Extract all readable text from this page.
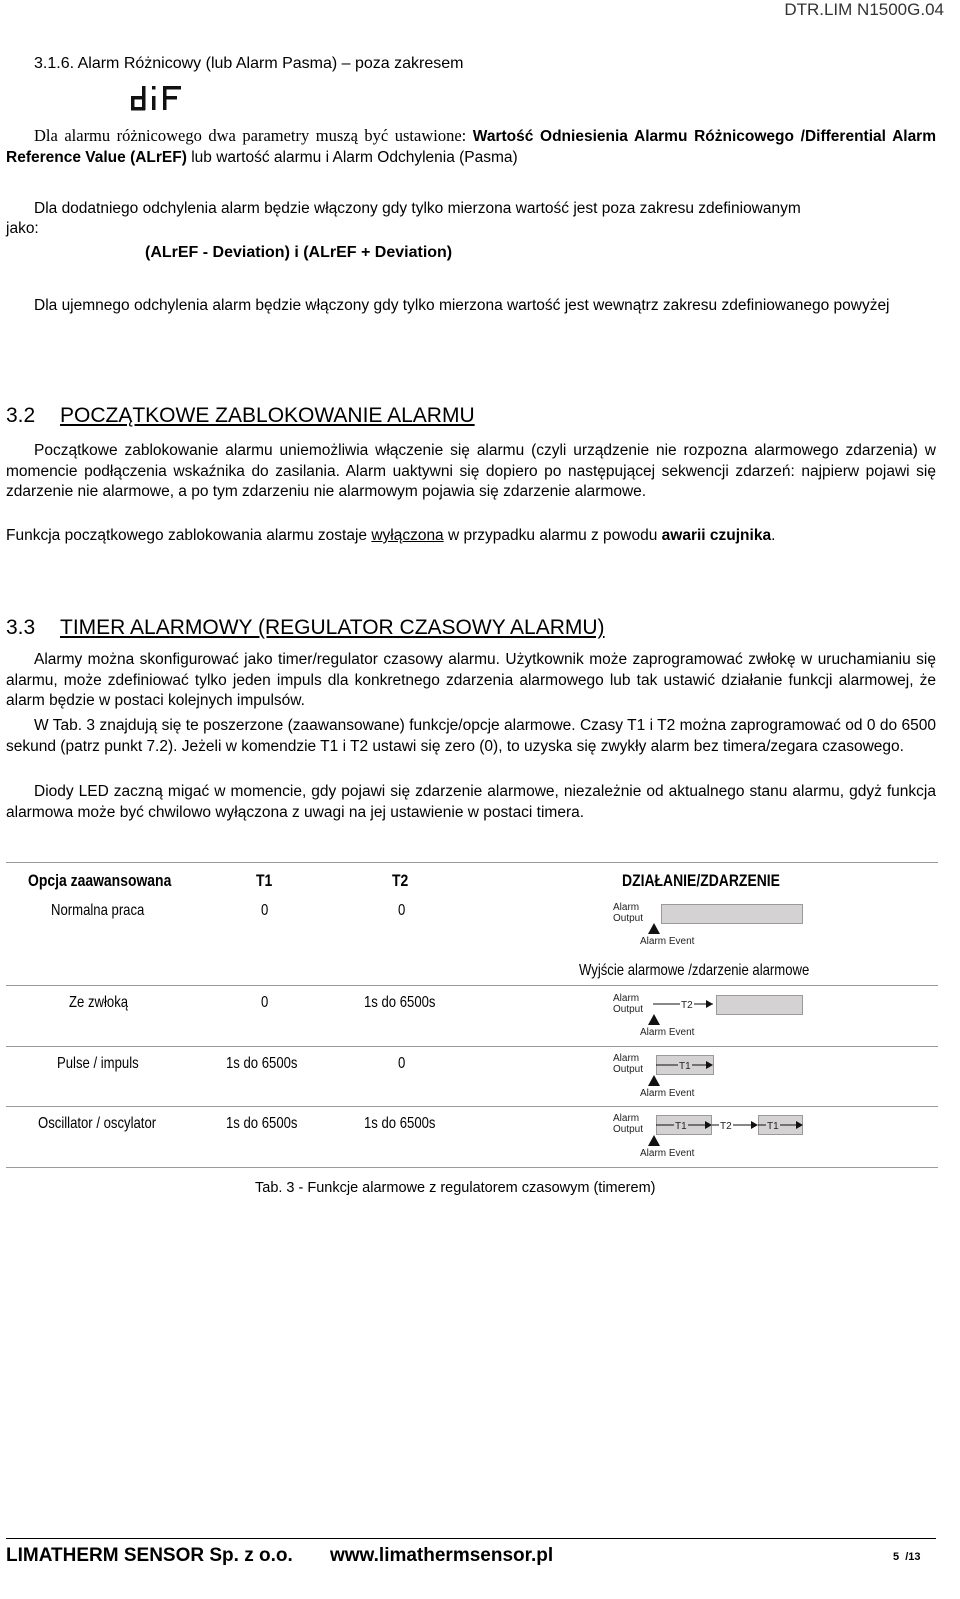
DTR.LIM N1500G.04
3.1.6. Alarm Różnicowy (lub Alarm Pasma) – poza zakresem
Dla alarmu różnicowego dwa parametry muszą być ustawione: Wartość Odniesienia Alarmu Różnicowego /Differential Alarm Reference Value (ALrEF) lub wartość alarmu i Alarm Odchylenia (Pasma)
Dla dodatniego odchylenia alarm będzie włączony gdy tylko mierzona wartość jest poza zakresu zdefiniowanym
jako:
(ALrEF - Deviation) i (ALrEF + Deviation)
Dla ujemnego odchylenia alarm będzie włączony gdy tylko mierzona wartość jest wewnątrz zakresu zdefiniowanego powyżej
3.2 POCZĄTKOWE ZABLOKOWANIE ALARMU
Początkowe zablokowanie alarmu uniemożliwia włączenie się alarmu (czyli urządzenie nie rozpozna alarmowego zdarzenia) w momencie podłączenia wskaźnika do zasilania. Alarm uaktywni się dopiero po następującej sekwencji zdarzeń: najpierw pojawi się zdarzenie nie alarmowe, a po tym zdarzeniu nie alarmowym pojawia się zdarzenie alarmowe.
Funkcja początkowego zablokowania alarmu zostaje wyłączona w przypadku alarmu z powodu awarii czujnika.
3.3 TIMER ALARMOWY (REGULATOR CZASOWY ALARMU)
Alarmy można skonfigurować jako timer/regulator czasowy alarmu. Użytkownik może zaprogramować zwłokę w uruchamianiu się alarmu, może zdefiniować tylko jeden impuls dla konkretnego zdarzenia alarmowego lub tak ustawić działanie funkcji alarmowej, że alarm będzie w postaci kolejnych impulsów.
W Tab. 3 znajdują się te poszerzone (zaawansowane) funkcje/opcje alarmowe. Czasy T1 i T2 można zaprogramować od 0 do 6500 sekund (patrz punkt 7.2). Jeżeli w komendzie T1 i T2 ustawi się zero (0), to uzyska się zwykły alarm bez timera/zegara czasowego.
Diody LED zaczną migać w momencie, gdy pojawi się zdarzenie alarmowe, niezależnie od aktualnego stanu alarmu, gdyż funkcja alarmowa może być chwilowo wyłączona z uwagi na jej ustawienie w postaci timera.
Opcja zaawansowana	T1	T2	DZIAŁANIE/ZDARZENIE
Normalna praca	0	0
Ze zwłoką	0	1s do 6500s
Pulse / impuls	1s do 6500s	0
Oscillator / oscylator	1s do 6500s	1s do 6500s
Alarm
Output
Alarm Event
Wyjście alarmowe /zdarzenie alarmowe
Alarm
Output	T2
Alarm Event
Alarm
Output	T1
Alarm Event
Alarm
Output	T1	T2	T1
Alarm Event
Tab. 3 - Funkcje alarmowe z regulatorem czasowym (timerem)
LIMATHERM SENSOR Sp. z o.o. www.limathermsensor.pl	5 /13
